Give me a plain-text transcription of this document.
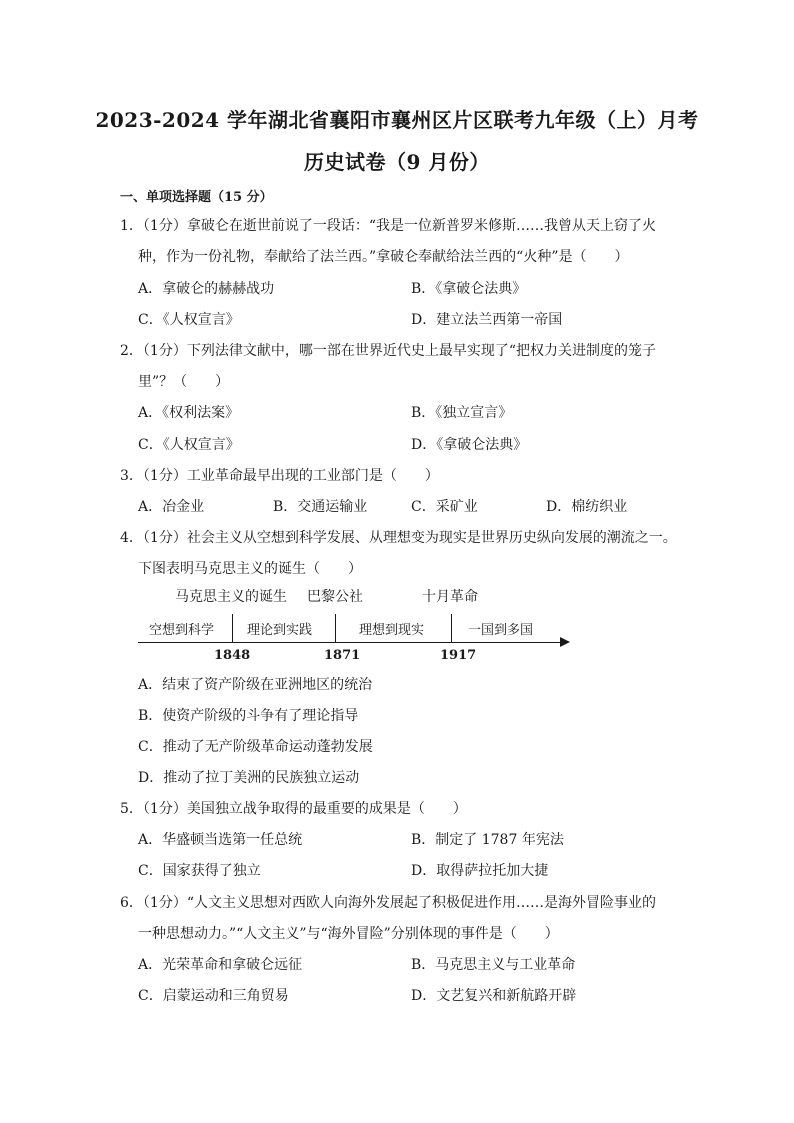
2023-2024 学年湖北省襄阳市襄州区片区联考九年级（上）月考
历史试卷（9 月份）
一、单项选择题（15 分）
1．（1分）拿破仑在逝世前说了一段话：“我是一位新普罗米修斯……我曾从天上窃了火
种，作为一份礼物，奉献给了法兰西。”拿破仑奉献给法兰西的“火种”是（　　）
A．拿破仑的赫赫战功	B．《拿破仑法典》
C．《人权宣言》	D．建立法兰西第一帝国
2．（1分）下列法律文献中，哪一部在世界近代史上最早实现了“把权力关进制度的笼子
里”？（　　）
A．《权利法案》	B．《独立宣言》
C．《人权宣言》	D．《拿破仑法典》
3．（1分）工业革命最早出现的工业部门是（　　）
A．冶金业	B．交通运输业	C．采矿业	D．棉纺织业
4．（1分）社会主义从空想到科学发展、从理想变为现实是世界历史纵向发展的潮流之一。
下图表明马克思主义的诞生（　　）
马克思主义的诞生 巴黎公社	十月革命
空想到科学	理论到实践	理想到现实	一国到多国
1848	1871	1917
A．结束了资产阶级在亚洲地区的统治
B．使资产阶级的斗争有了理论指导
C．推动了无产阶级革命运动蓬勃发展
D．推动了拉丁美洲的民族独立运动
5．（1分）美国独立战争取得的最重要的成果是（　　）
A．华盛顿当选第一任总统	B．制定了 1787 年宪法
C．国家获得了独立	D．取得萨拉托加大捷
6．（1分）“人文主义思想对西欧人向海外发展起了积极促进作用……是海外冒险事业的
一种思想动力。”“人文主义”与“海外冒险”分别体现的事件是（　　）
A．光荣革命和拿破仑远征	B．马克思主义与工业革命
C．启蒙运动和三角贸易	D．文艺复兴和新航路开辟
